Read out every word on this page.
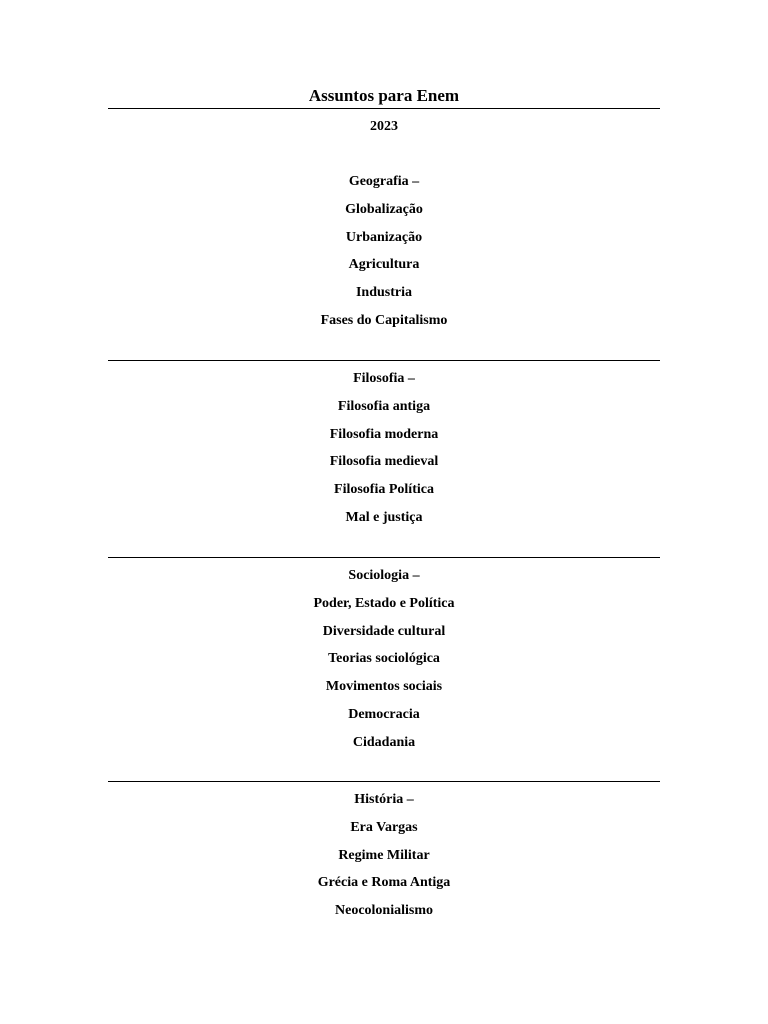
Assuntos para Enem
2023
Geografia –
Globalização
Urbanização
Agricultura
Industria
Fases do Capitalismo
Filosofia –
Filosofia antiga
Filosofia moderna
Filosofia medieval
Filosofia Política
Mal e justiça
Sociologia –
Poder, Estado e Política
Diversidade cultural
Teorias sociológica
Movimentos sociais
Democracia
Cidadania
História –
Era Vargas
Regime Militar
Grécia e Roma Antiga
Neocolonialismo
